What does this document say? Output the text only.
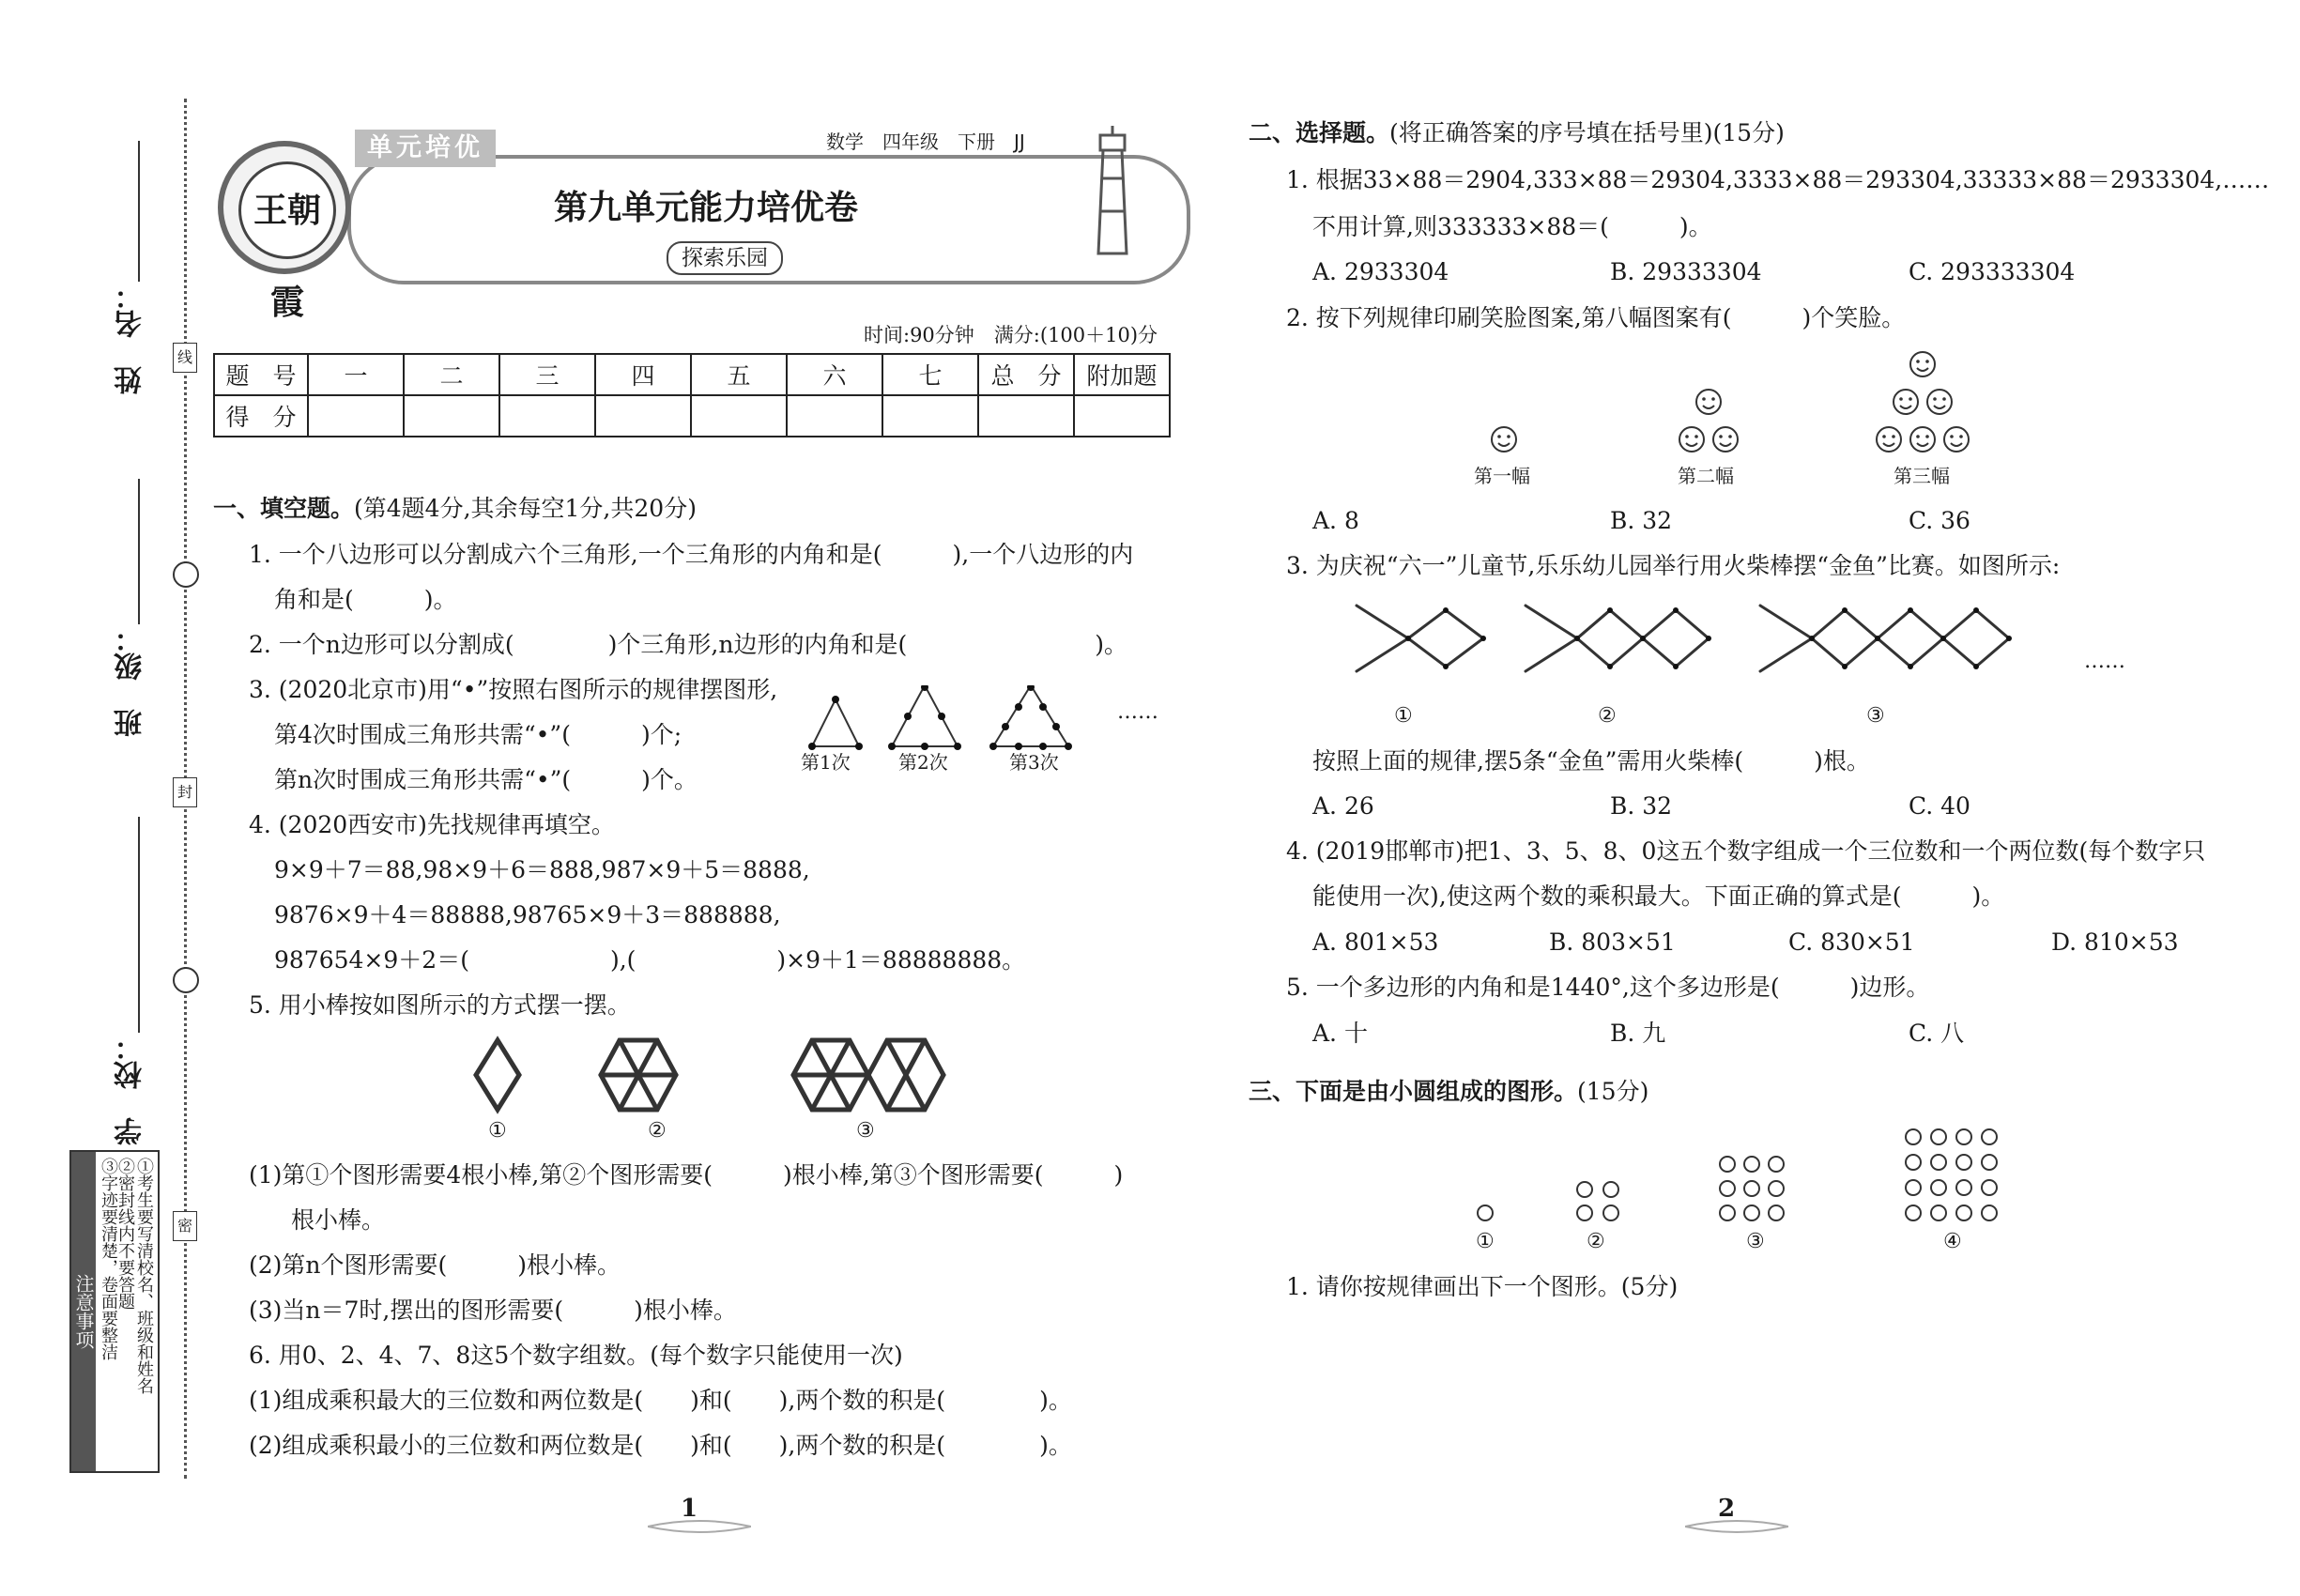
姓　名：
班　级：
学　校：
线
封
密
注意事项 ①考生要写清校名、班级和姓名
②密封线内不要答题
③字迹要清楚，卷面要整洁
单元培优
王朝霞
数学　四年级　下册　JJ
第九单元能力培优卷
探索乐园
时间:90分钟　满分:(100＋10)分
题　号	一	二	三	四	五	六	七	总　分	附加题
得　分									
一、填空题。(第4题4分,其余每空1分,共20分)
1. 一个八边形可以分割成六个三角形,一个三角形的内角和是(　　　),一个八边形的内
角和是(　　　)。
2. 一个n边形可以分割成(　　　　)个三角形,n边形的内角和是(　　　　　　　　)。
3. (2020北京市)用“•”按照右图所示的规律摆图形,
第4次时围成三角形共需“•”(　　　)个;
第n次时围成三角形共需“•”(　　　)个。
……
第1次	第2次	第3次
4. (2020西安市)先找规律再填空。
9×9＋7＝88,98×9＋6＝888,987×9＋5＝8888,
9876×9＋4＝88888,98765×9＋3＝888888,
987654×9＋2＝(　　　　　　),(　　　　　　)×9＋1＝88888888。
5. 用小棒按如图所示的方式摆一摆。
①	②	③
(1)第①个图形需要4根小棒,第②个图形需要(　　　)根小棒,第③个图形需要(　　　)
根小棒。
(2)第n个图形需要(　　　)根小棒。
(3)当n＝7时,摆出的图形需要(　　　)根小棒。
6. 用0、2、4、7、8这5个数字组数。(每个数字只能使用一次)
(1)组成乘积最大的三位数和两位数是(　　)和(　　),两个数的积是(　　　　)。
(2)组成乘积最小的三位数和两位数是(　　)和(　　),两个数的积是(　　　　)。
1
二、选择题。(将正确答案的序号填在括号里)(15分)
1. 根据33×88＝2904,333×88＝29304,3333×88＝293304,33333×88＝2933304,……
不用计算,则333333×88＝(　　　)。
A. 2933304	B. 29333304	C. 293333304
2. 按下列规律印刷笑脸图案,第八幅图案有(　　　)个笑脸。
第一幅	第二幅	第三幅
A. 8	B. 32	C. 36
3. 为庆祝“六一”儿童节,乐乐幼儿园举行用火柴棒摆“金鱼”比赛。如图所示:
……
①	②	③
按照上面的规律,摆5条“金鱼”需用火柴棒(　　　)根。
A. 26	B. 32	C. 40
4. (2019邯郸市)把1、3、5、8、0这五个数字组成一个三位数和一个两位数(每个数字只
能使用一次),使这两个数的乘积最大。下面正确的算式是(　　　)。
A. 801×53	B. 803×51	C. 830×51	D. 810×53
5. 一个多边形的内角和是1440°,这个多边形是(　　　)边形。
A. 十	B. 九	C. 八
三、下面是由小圆组成的图形。(15分)
①	②	③	④
1. 请你按规律画出下一个图形。(5分)
2
